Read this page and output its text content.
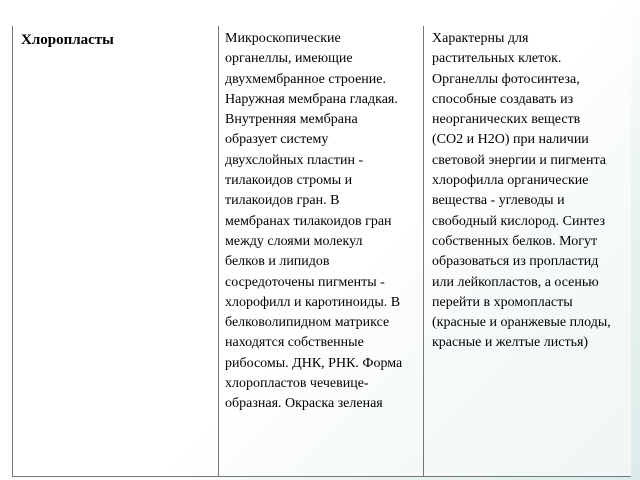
Хлоропласты	Микроскопические
органеллы, имеющие
двухмембранное строение.
Наружная мембрана гладкая.
Внутренняя мембрана
образует систему
двухслойных пластин -
тилакоидов стромы и
тилакоидов гран. В
мембранах тилакоидов гран
между слоями молекул
белков и липидов
сосредоточены пигменты -
хлорофилл и каротиноиды. В
белковолипидном матриксе
находятся собственные
рибосомы. ДНК, РНК. Форма
хлоропластов чечевице-
образная. Окраска зеленая
Характерны для
растительных клеток.
Органеллы фотосинтеза,
способные создавать из
неорганических веществ
(СО2 и Н2О) при наличии
световой энергии и пигмента
хлорофилла органические
вещества - углеводы и
свободный кислород. Синтез
собственных белков. Могут
образоваться из пропластид
или лейкопластов, а осенью
перейти в хромопласты
(красные и оранжевые плоды,
красные и желтые листья)
